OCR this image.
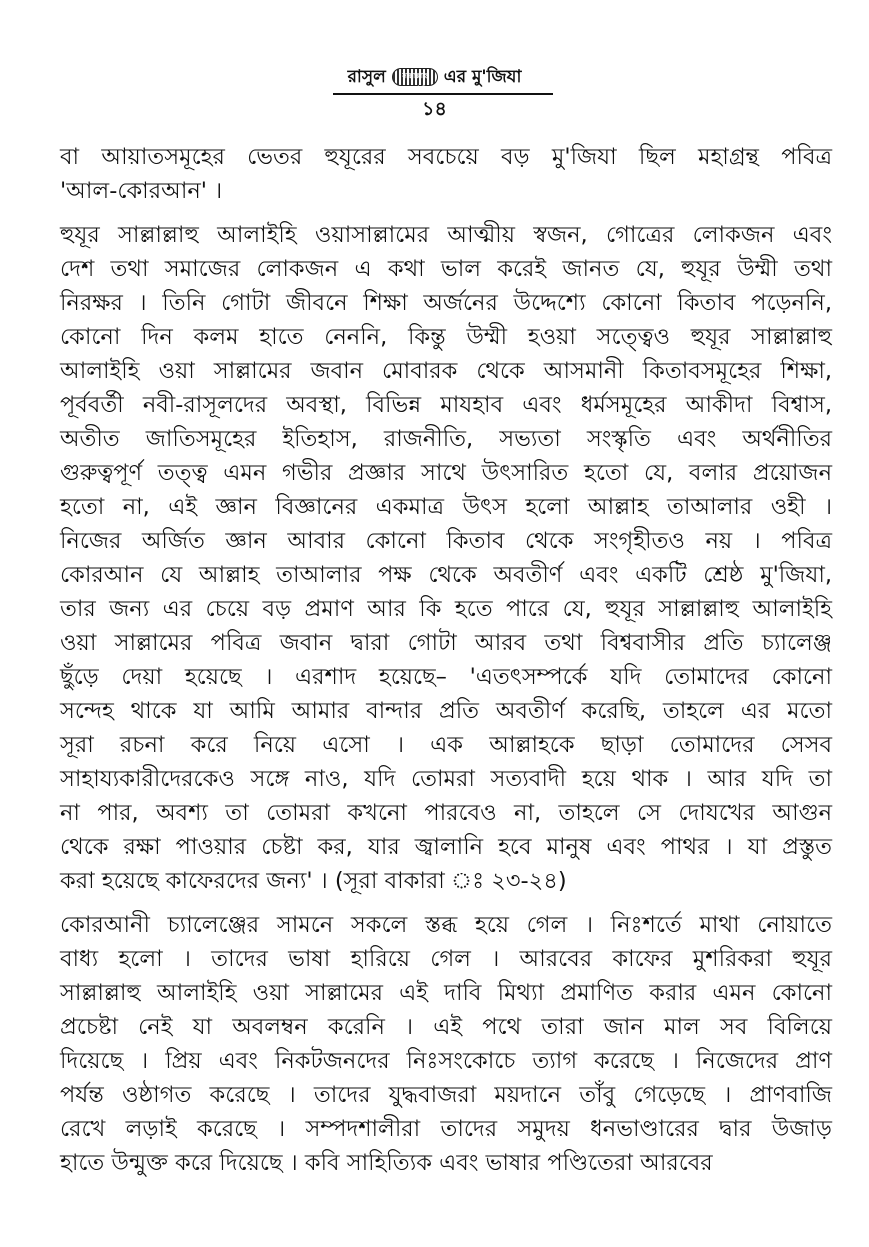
রাসুল	সাল্লাল্লাহু আলাইহি ওয়াসাল্লাম
এর মু'জিযা
১৪

বা আয়াতসমূহের ভেতর হুযূরের সবচেয়ে বড় মু'জিযা ছিল মহাগ্রন্থ পবিত্র
'আল-কোরআন' ।

হুযূর সাল্লাল্লাহু আলাইহি ওয়াসাল্লামের আত্মীয় স্বজন, গোত্রের লোকজন এবং
দেশ তথা সমাজের লোকজন এ কথা ভাল করেই জানত যে, হুযূর উম্মী তথা
নিরক্ষর । তিনি গোটা জীবনে শিক্ষা অর্জনের উদ্দেশ্যে কোনো কিতাব পড়েননি,
কোনো দিন কলম হাতে নেননি, কিন্তু উম্মী হওয়া সত্ত্বেও হুযূর সাল্লাল্লাহু
আলাইহি ওয়া সাল্লামের জবান মোবারক থেকে আসমানী কিতাবসমূহের শিক্ষা,
পূর্ববর্তী নবী-রাসূলদের অবস্থা, বিভিন্ন মাযহাব এবং ধর্মসমূহের আকীদা বিশ্বাস,
অতীত জাতিসমূহের ইতিহাস, রাজনীতি, সভ্যতা সংস্কৃতি এবং অর্থনীতির
গুরুত্বপূর্ণ তত্ত্ব এমন গভীর প্রজ্ঞার সাথে উৎসারিত হতো যে, বলার প্রয়োজন
হতো না, এই জ্ঞান বিজ্ঞানের একমাত্র উৎস হলো আল্লাহ তাআলার ওহী ।
নিজের অর্জিত জ্ঞান আবার কোনো কিতাব থেকে সংগৃহীতও নয় । পবিত্র
কোরআন যে আল্লাহ তাআলার পক্ষ থেকে অবতীর্ণ এবং একটি শ্রেষ্ঠ মু'জিযা,
তার জন্য এর চেয়ে বড় প্রমাণ আর কি হতে পারে যে, হুযূর সাল্লাল্লাহু আলাইহি
ওয়া সাল্লামের পবিত্র জবান দ্বারা গোটা আরব তথা বিশ্ববাসীর প্রতি চ্যালেঞ্জ
ছুঁড়ে দেয়া হয়েছে । এরশাদ হয়েছে– 'এতৎসম্পর্কে যদি তোমাদের কোনো
সন্দেহ থাকে যা আমি আমার বান্দার প্রতি অবতীর্ণ করেছি, তাহলে এর মতো
সূরা রচনা করে নিয়ে এসো । এক আল্লাহকে ছাড়া তোমাদের সেসব
সাহায্যকারীদেরকেও সঙ্গে নাও, যদি তোমরা সত্যবাদী হয়ে থাক । আর যদি তা
না পার, অবশ্য তা তোমরা কখনো পারবেও না, তাহলে সে দোযখের আগুন
থেকে রক্ষা পাওয়ার চেষ্টা কর, যার জ্বালানি হবে মানুষ এবং পাথর । যা প্রস্তুত
করা হয়েছে কাফেরদের জন্য' । (সূরা বাকারা ঃ ২৩-২৪)

কোরআনী চ্যালেঞ্জের সামনে সকলে স্তব্ধ হয়ে গেল । নিঃশর্তে মাথা নোয়াতে
বাধ্য হলো । তাদের ভাষা হারিয়ে গেল । আরবের কাফের মুশরিকরা হুযূর
সাল্লাল্লাহু আলাইহি ওয়া সাল্লামের এই দাবি মিথ্যা প্রমাণিত করার এমন কোনো
প্রচেষ্টা নেই যা অবলম্বন করেনি । এই পথে তারা জান মাল সব বিলিয়ে
দিয়েছে । প্রিয় এবং নিকটজনদের নিঃসংকোচে ত্যাগ করেছে । নিজেদের প্রাণ
পর্যন্ত ওষ্ঠাগত করেছে । তাদের যুদ্ধবাজরা ময়দানে তাঁবু গেড়েছে । প্রাণবাজি
রেখে লড়াই করেছে । সম্পদশালীরা তাদের সমুদয় ধনভাণ্ডারের দ্বার উজাড়
হাতে উন্মুক্ত করে দিয়েছে । কবি সাহিত্যিক এবং ভাষার পণ্ডিতেরা আরবের
